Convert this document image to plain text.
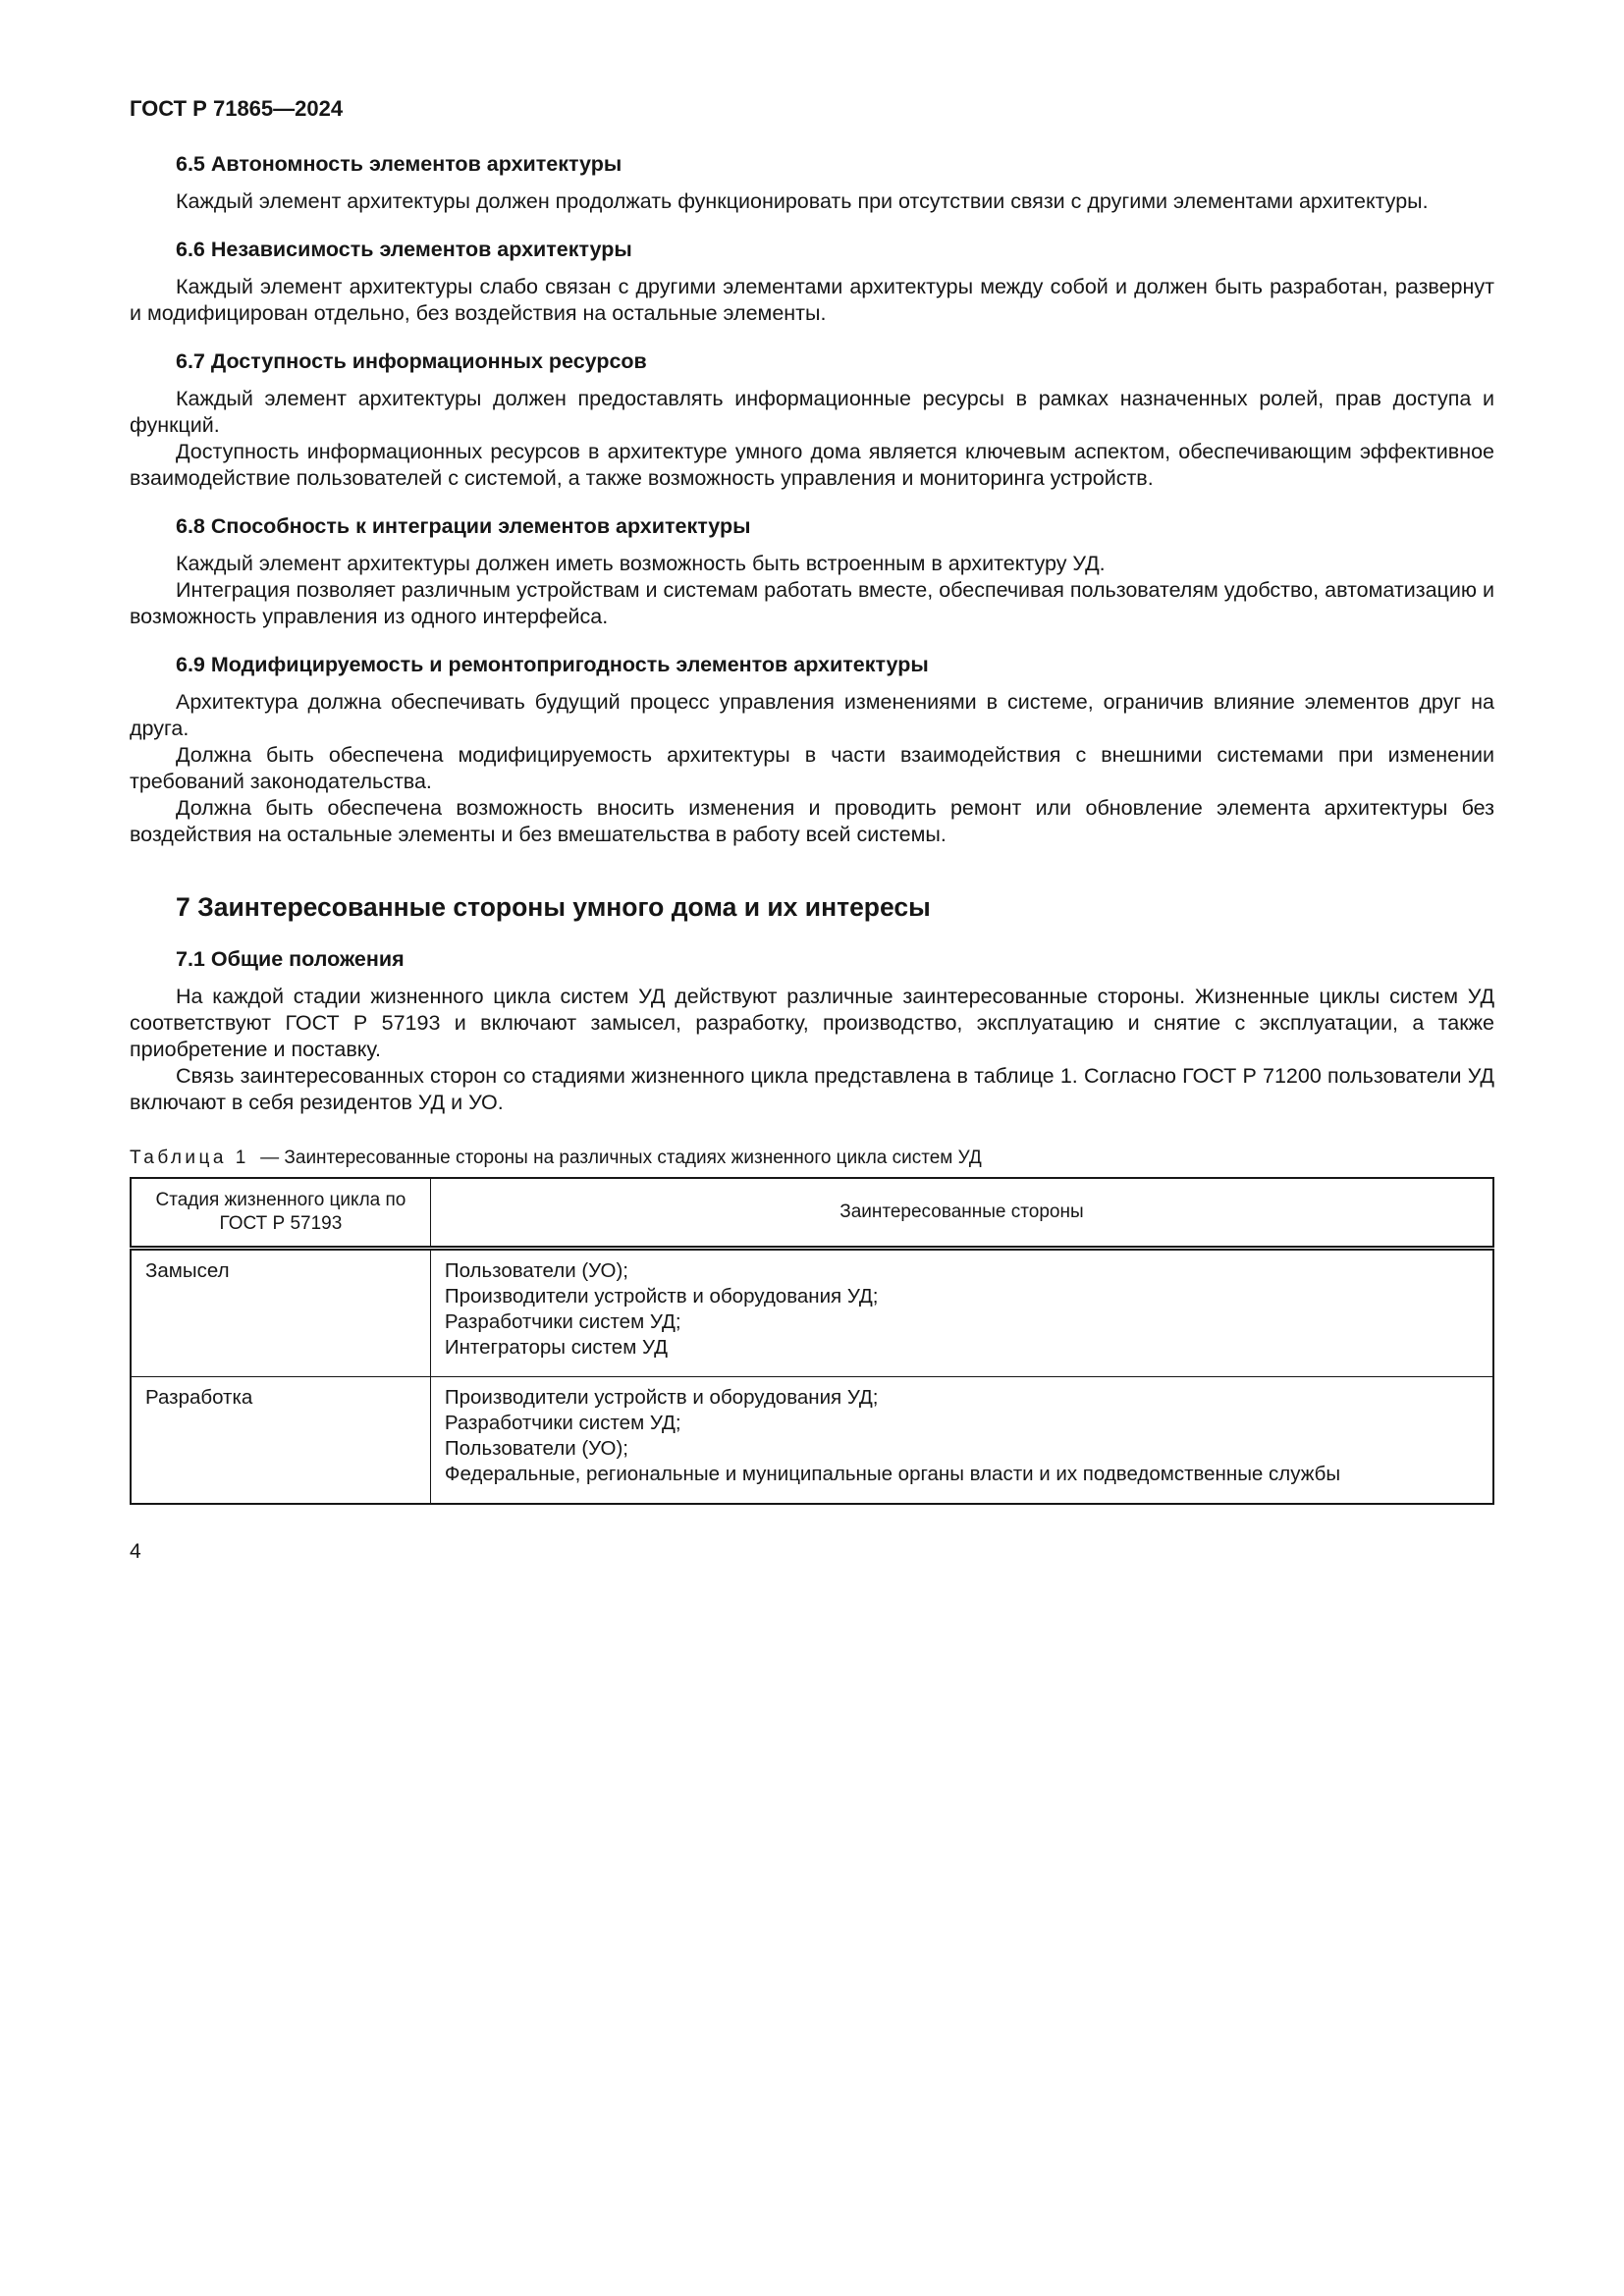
ГОСТ Р 71865—2024
6.5 Автономность элементов архитектуры
Каждый элемент архитектуры должен продолжать функционировать при отсутствии связи с другими элементами архитектуры.
6.6 Независимость элементов архитектуры
Каждый элемент архитектуры слабо связан с другими элементами архитектуры между собой и должен быть разработан, развернут и модифицирован отдельно, без воздействия на остальные элементы.
6.7 Доступность информационных ресурсов
Каждый элемент архитектуры должен предоставлять информационные ресурсы в рамках назначенных ролей, прав доступа и функций.
Доступность информационных ресурсов в архитектуре умного дома является ключевым аспектом, обеспечивающим эффективное взаимодействие пользователей с системой, а также возможность управления и мониторинга устройств.
6.8 Способность к интеграции элементов архитектуры
Каждый элемент архитектуры должен иметь возможность быть встроенным в архитектуру УД.
Интеграция позволяет различным устройствам и системам работать вместе, обеспечивая пользователям удобство, автоматизацию и возможность управления из одного интерфейса.
6.9 Модифицируемость и ремонтопригодность элементов архитектуры
Архитектура должна обеспечивать будущий процесс управления изменениями в системе, ограничив влияние элементов друг на друга.
Должна быть обеспечена модифицируемость архитектуры в части взаимодействия с внешними системами при изменении требований законодательства.
Должна быть обеспечена возможность вносить изменения и проводить ремонт или обновление элемента архитектуры без воздействия на остальные элементы и без вмешательства в работу всей системы.
7 Заинтересованные стороны умного дома и их интересы
7.1 Общие положения
На каждой стадии жизненного цикла систем УД действуют различные заинтересованные стороны. Жизненные циклы систем УД соответствуют ГОСТ Р 57193 и включают замысел, разработку, производство, эксплуатацию и снятие с эксплуатации, а также приобретение и поставку.
Связь заинтересованных сторон со стадиями жизненного цикла представлена в таблице 1. Согласно ГОСТ Р 71200 пользователи УД включают в себя резидентов УД и УО.
Таблица 1 — Заинтересованные стороны на различных стадиях жизненного цикла систем УД
Стадия жизненного цикла по ГОСТ Р 57193	Заинтересованные стороны
Замысел	Пользователи (УО);
Производители устройств и оборудования УД;
Разработчики систем УД;
Интеграторы систем УД

Разработка	Производители устройств и оборудования УД;
Разработчики систем УД;
Пользователи (УО);
Федеральные, региональные и муниципальные органы власти и их подведомственные службы
4
